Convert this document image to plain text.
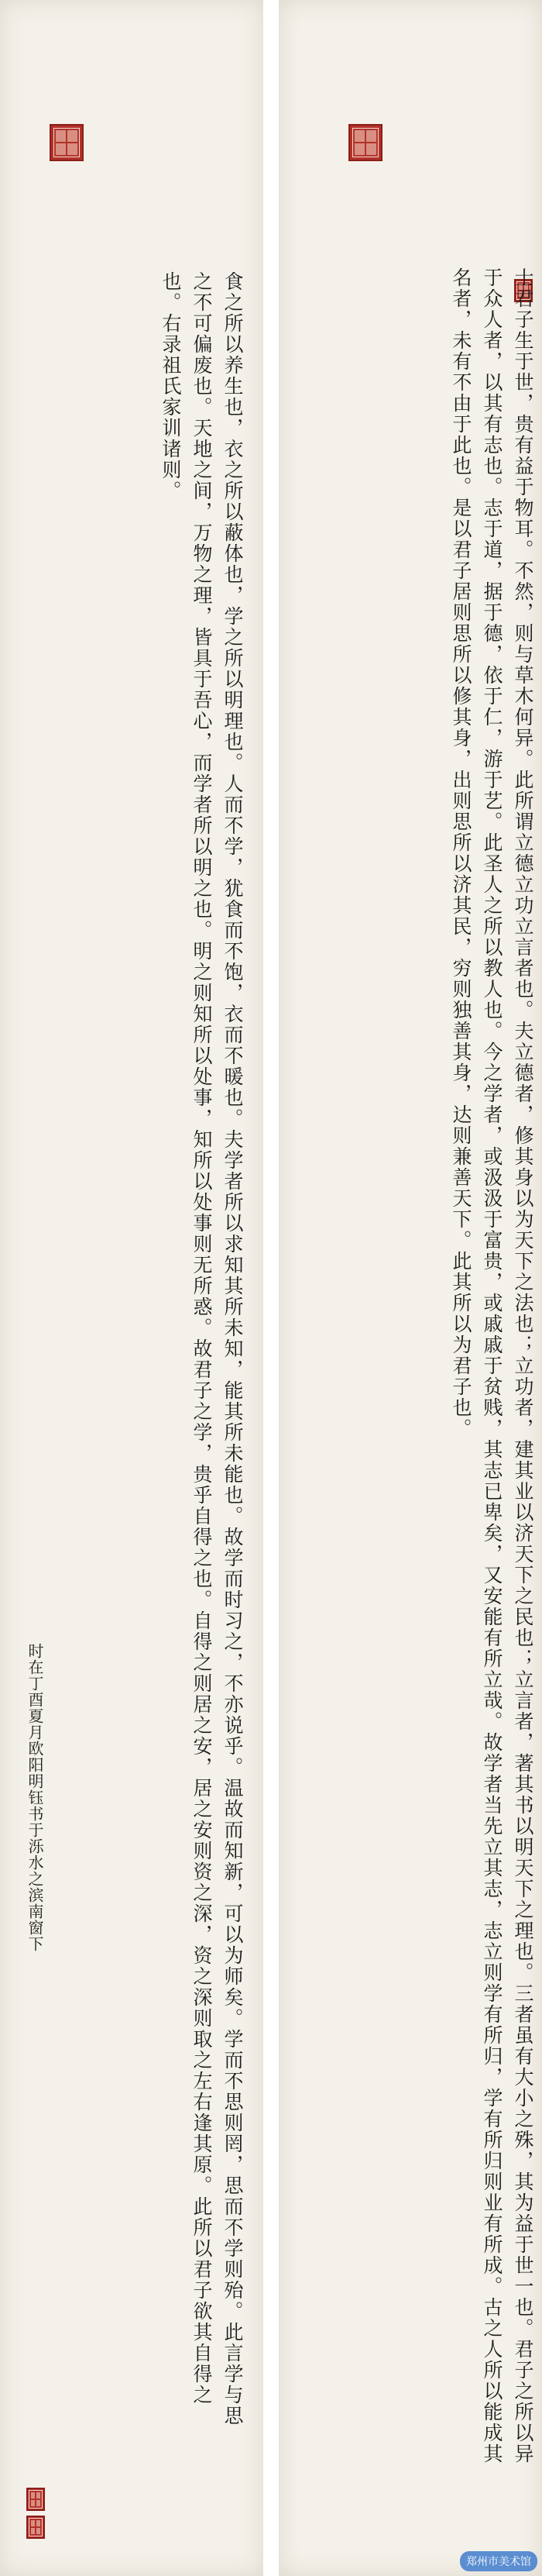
士君子生于世，贵有益于物耳。不然，则与草木何异。此所谓立德立功立言者也。夫立德者，修其身以为天下之法也；立功者，建其业以济天下之民也；立言者，著其书以明天下之理也。三者虽有大小之殊，其为益于世一也。君子之所以异于众人者，以其有志也。志于道，据于德，依于仁，游于艺。此圣人之所以教人也。今之学者，或汲汲于富贵，或戚戚于贫贱，其志已卑矣，又安能有所立哉。故学者当先立其志，志立则学有所归，学有所归则业有所成。古之人所以能成其名者，未有不由于此也。是以君子居则思所以修其身，出则思所以济其民，穷则独善其身，达则兼善天下。此其所以为君子也。
食之所以养生也，衣之所以蔽体也，学之所以明理也。人而不学，犹食而不饱，衣而不暖也。夫学者所以求知其所未知，能其所未能也。故学而时习之，不亦说乎。温故而知新，可以为师矣。学而不思则罔，思而不学则殆。此言学与思之不可偏废也。天地之间，万物之理，皆具于吾心，而学者所以明之也。明之则知所以处事，知所以处事则无所惑。故君子之学，贵乎自得之也。自得之则居之安，居之安则资之深，资之深则取之左右逢其原。此所以君子欲其自得之也。右录祖氏家训诸则。
时在丁酉夏月欧阳明钰书于泺水之滨南窗下
郑州市美术馆
